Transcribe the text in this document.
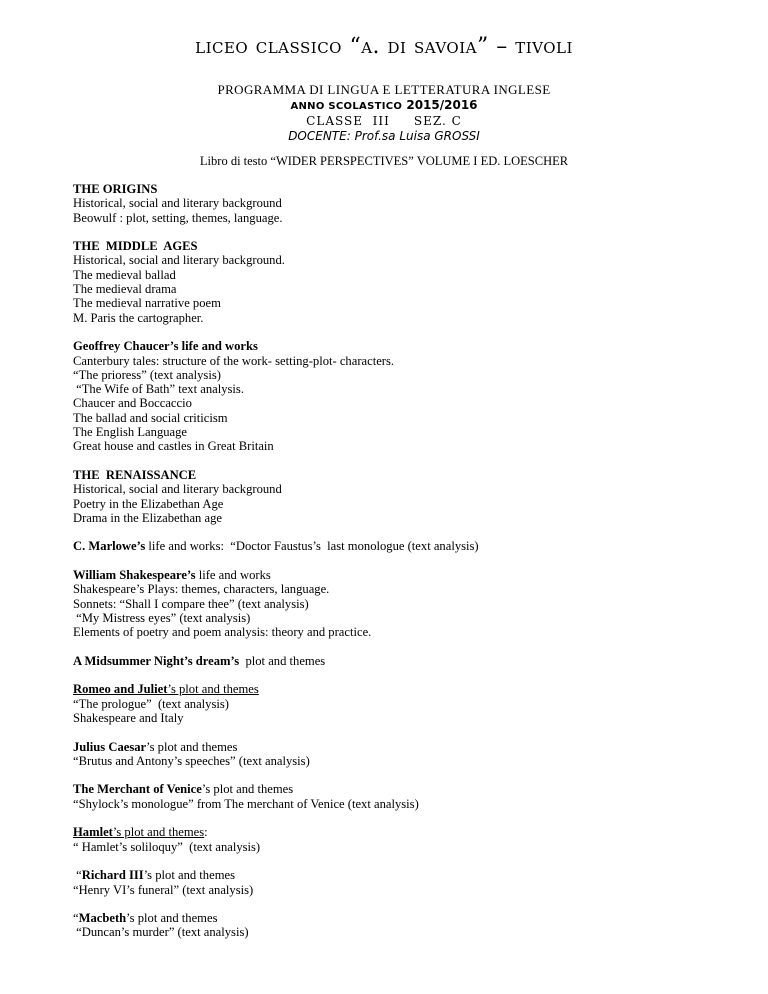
liceo classico “a. di savoia” – tivoli
PROGRAMMA DI LINGUA E LETTERATURA INGLESE
ANNO SCOLASTICO 2015/2016
CLASSE  III     SEZ. C
DOCENTE: Prof.sa Luisa GROSSI
Libro di testo “WIDER PERSPECTIVES” VOLUME I ED. LOESCHER
THE ORIGINS
Historical, social and literary background
Beowulf : plot, setting, themes, language.
THE  MIDDLE  AGES
Historical, social and literary background.
The medieval ballad
The medieval drama
The medieval narrative poem
M. Paris the cartographer.
Geoffrey Chaucer’s life and works
Canterbury tales: structure of the work- setting-plot- characters.
“The prioress” (text analysis)
“The Wife of Bath” text analysis.
Chaucer and Boccaccio
The ballad and social criticism
The English Language
Great house and castles in Great Britain
THE  RENAISSANCE
Historical, social and literary background
Poetry in the Elizabethan Age
Drama in the Elizabethan age
C. Marlowe’s life and works:  “Doctor Faustus’s  last monologue (text analysis)
William Shakespeare’s life and works
Shakespeare’s Plays: themes, characters, language.
Sonnets: “Shall I compare thee” (text analysis)
“My Mistress eyes” (text analysis)
Elements of poetry and poem analysis: theory and practice.
A Midsummer Night’s dream’s  plot and themes
Romeo and Juliet’s plot and themes
“The prologue”  (text analysis)
Shakespeare and Italy
Julius Caesar’s plot and themes
“Brutus and Antony’s speeches” (text analysis)
The Merchant of Venice’s plot and themes
“Shylock’s monologue” from The merchant of Venice (text analysis)
Hamlet’s plot and themes:
“ Hamlet’s soliloquy”  (text analysis)
“Richard III’s plot and themes
“Henry VI’s funeral” (text analysis)
“Macbeth’s plot and themes
“Duncan’s murder” (text analysis)
